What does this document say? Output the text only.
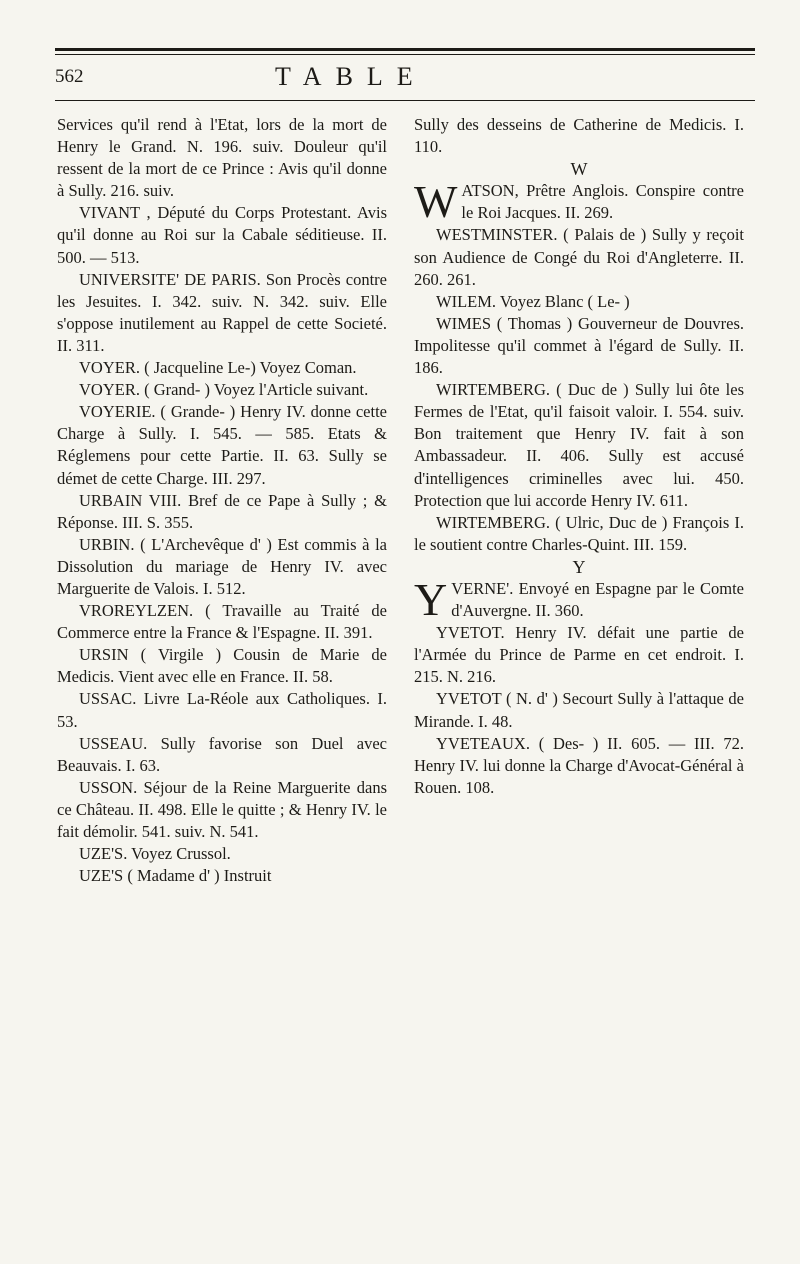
562	TABLE

Services qu'il rend à l'Etat, lors de la mort de Henry le Grand. N. 196. suiv. Douleur qu'il ressent de la mort de ce Prince : Avis qu'il donne à Sully. 216. suiv.

VIVANT , Député du Corps Protestant. Avis qu'il donne au Roi sur la Cabale séditieuse. II. 500. — 513.

UNIVERSITE' DE PARIS. Son Procès contre les Jesuites. I. 342. suiv. N. 342. suiv. Elle s'oppose inutilement au Rappel de cette Societé. II. 311.

VOYER. ( Jacqueline Le-) Voyez Coman.

VOYER. ( Grand- ) Voyez l'Article suivant.

VOYERIE. ( Grande- ) Henry IV. donne cette Charge à Sully. I. 545. — 585. Etats & Réglemens pour cette Partie. II. 63. Sully se démet de cette Charge. III. 297.

URBAIN VIII. Bref de ce Pape à Sully ; & Réponse. III. S. 355.

URBIN. ( L'Archevêque d' ) Est commis à la Dissolution du mariage de Henry IV. avec Marguerite de Valois. I. 512.

VROREYLZEN. ( Travaille au Traité de Commerce entre la France & l'Espagne. II. 391.

URSIN ( Virgile ) Cousin de Marie de Medicis. Vient avec elle en France. II. 58.

USSAC. Livre La-Réole aux Catholiques. I. 53.

USSEAU. Sully favorise son Duel avec Beauvais. I. 63.

USSON. Séjour de la Reine Marguerite dans ce Château. II. 498. Elle le quitte ; & Henry IV. le fait démolir. 541. suiv. N. 541.

UZE'S. Voyez Crussol.

UZE'S ( Madame d' ) Instruit

Sully des desseins de Catherine de Medicis. I. 110.

W

WATSON, Prêtre Anglois. Conspire contre le Roi Jacques. II. 269.

WESTMINSTER. ( Palais de ) Sully y reçoit son Audience de Congé du Roi d'Angleterre. II. 260. 261.

WILEM. Voyez Blanc ( Le- )

WIMES ( Thomas ) Gouverneur de Douvres. Impolitesse qu'il commet à l'égard de Sully. II. 186.

WIRTEMBERG. ( Duc de ) Sully lui ôte les Fermes de l'Etat, qu'il faisoit valoir. I. 554. suiv. Bon traitement que Henry IV. fait à son Ambassadeur. II. 406. Sully est accusé d'intelligences criminelles avec lui. 450. Protection que lui accorde Henry IV. 611.

WIRTEMBERG. ( Ulric, Duc de ) François I. le soutient contre Charles-Quint. III. 159.

Y

YVERNE'. Envoyé en Espagne par le Comte d'Auvergne. II. 360.

YVETOT. Henry IV. défait une partie de l'Armée du Prince de Parme en cet endroit. I. 215. N. 216.

YVETOT ( N. d' ) Secourt Sully à l'attaque de Mirande. I. 48.

YVETEAUX. ( Des- ) II. 605. — III. 72. Henry IV. lui donne la Charge d'Avocat-Général à Rouen. 108.
